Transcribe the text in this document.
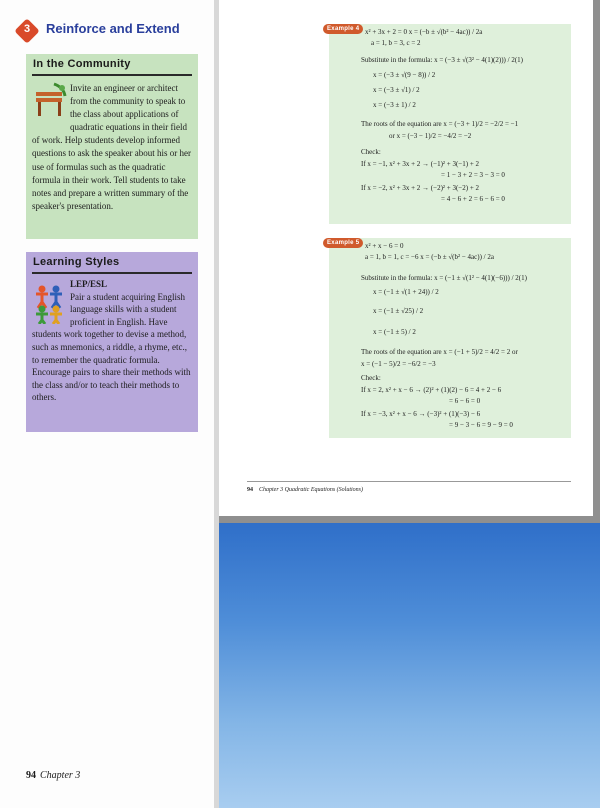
3	Reinforce and Extend
In the Community

Invite an engineer or architect from the community to speak to the class about applications of quadratic equations in their field of work. Help students develop informed questions to ask the speaker about his or her use of formulas such as the quadratic formula in their work. Tell students to take notes and prepare a written summary of the speaker's presentation.

Learning Styles

LEP/ESL
Pair a student acquiring English language skills with a student proficient in English. Have students work together to devise a method, such as mnemonics, a riddle, a rhyme, etc., to remember the quadratic formula. Encourage pairs to share their methods with the class and/or to teach their methods to others.

94 Chapter 3
Example 4 x² + 3x + 2 = 0 x = (−b ± √(b² − 4ac)) / 2a
a = 1, b = 3, c = 2
Substitute in the formula: x = (−3 ± √(3² − 4(1)(2))) / 2(1)
x = (−3 ± √(9 − 8)) / 2
x = (−3 ± √1) / 2
x = (−3 ± 1) / 2
The roots of the equation are x = (−3 + 1)/2 = −2/2 = −1
or x = (−3 − 1)/2 = −4/2 = −2
Check:
If x = −1, x² + 3x + 2 → (−1)² + 3(−1) + 2
= 1 − 3 + 2 = 3 − 3 = 0
If x = −2, x² + 3x + 2 → (−2)² + 3(−2) + 2
= 4 − 6 + 2 = 6 − 6 = 0
Example 5 x² + x − 6 = 0
a = 1, b = 1, c = −6 x = (−b ± √(b² − 4ac)) / 2a
Substitute in the formula: x = (−1 ± √(1² − 4(1)(−6))) / 2(1)
x = (−1 ± √(1 + 24)) / 2
x = (−1 ± √25) / 2
x = (−1 ± 5) / 2
The roots of the equation are x = (−1 + 5)/2 = 4/2 = 2 or
x = (−1 − 5)/2 = −6/2 = −3
Check:
If x = 2, x² + x − 6 → (2)² + (1)(2) − 6 = 4 + 2 − 6
= 6 − 6 = 0
If x = −3, x² + x − 6 → (−3)² + (1)(−3) − 6
= 9 − 3 − 6 = 9 − 9 = 0
94 Chapter 3 Quadratic Equations (Solutions)
